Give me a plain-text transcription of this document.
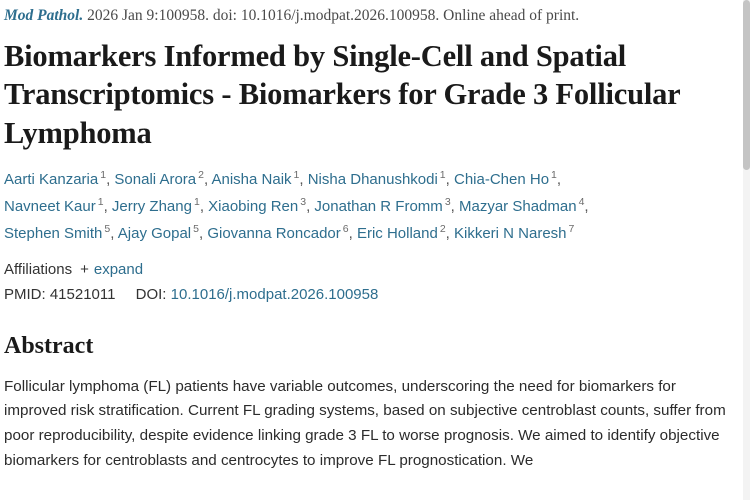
Mod Pathol. 2026 Jan 9:100958. doi: 10.1016/j.modpat.2026.100958. Online ahead of print.
Biomarkers Informed by Single-Cell and Spatial Transcriptomics - Biomarkers for Grade 3 Follicular Lymphoma
Aarti Kanzaria $^1$, Sonali Arora $^2$, Anisha Naik $^1$, Nisha Dhanushkodi $^1$, Chia-Chen Ho $^1$,
Navneet Kaur $^1$, Jerry Zhang $^1$, Xiaobing Ren $^3$, Jonathan R Fromm $^3$, Mazyar Shadman $^4$,
Stephen Smith $^5$, Ajay Gopal $^5$, Giovanna Roncador $^6$, Eric Holland $^2$, Kikkeri N Naresh $^7$
Affiliations + expand
PMID: 41521011 DOI: 10.1016/j.modpat.2026.100958
Abstract

Follicular lymphoma (FL) patients have variable outcomes, underscoring the need for biomarkers for improved risk stratification. Current FL grading systems, based on subjective centroblast counts, suffer from poor reproducibility, despite evidence linking grade 3 FL to worse prognosis. We aimed to identify objective biomarkers for centroblasts and centrocytes to improve FL prognostication. We
